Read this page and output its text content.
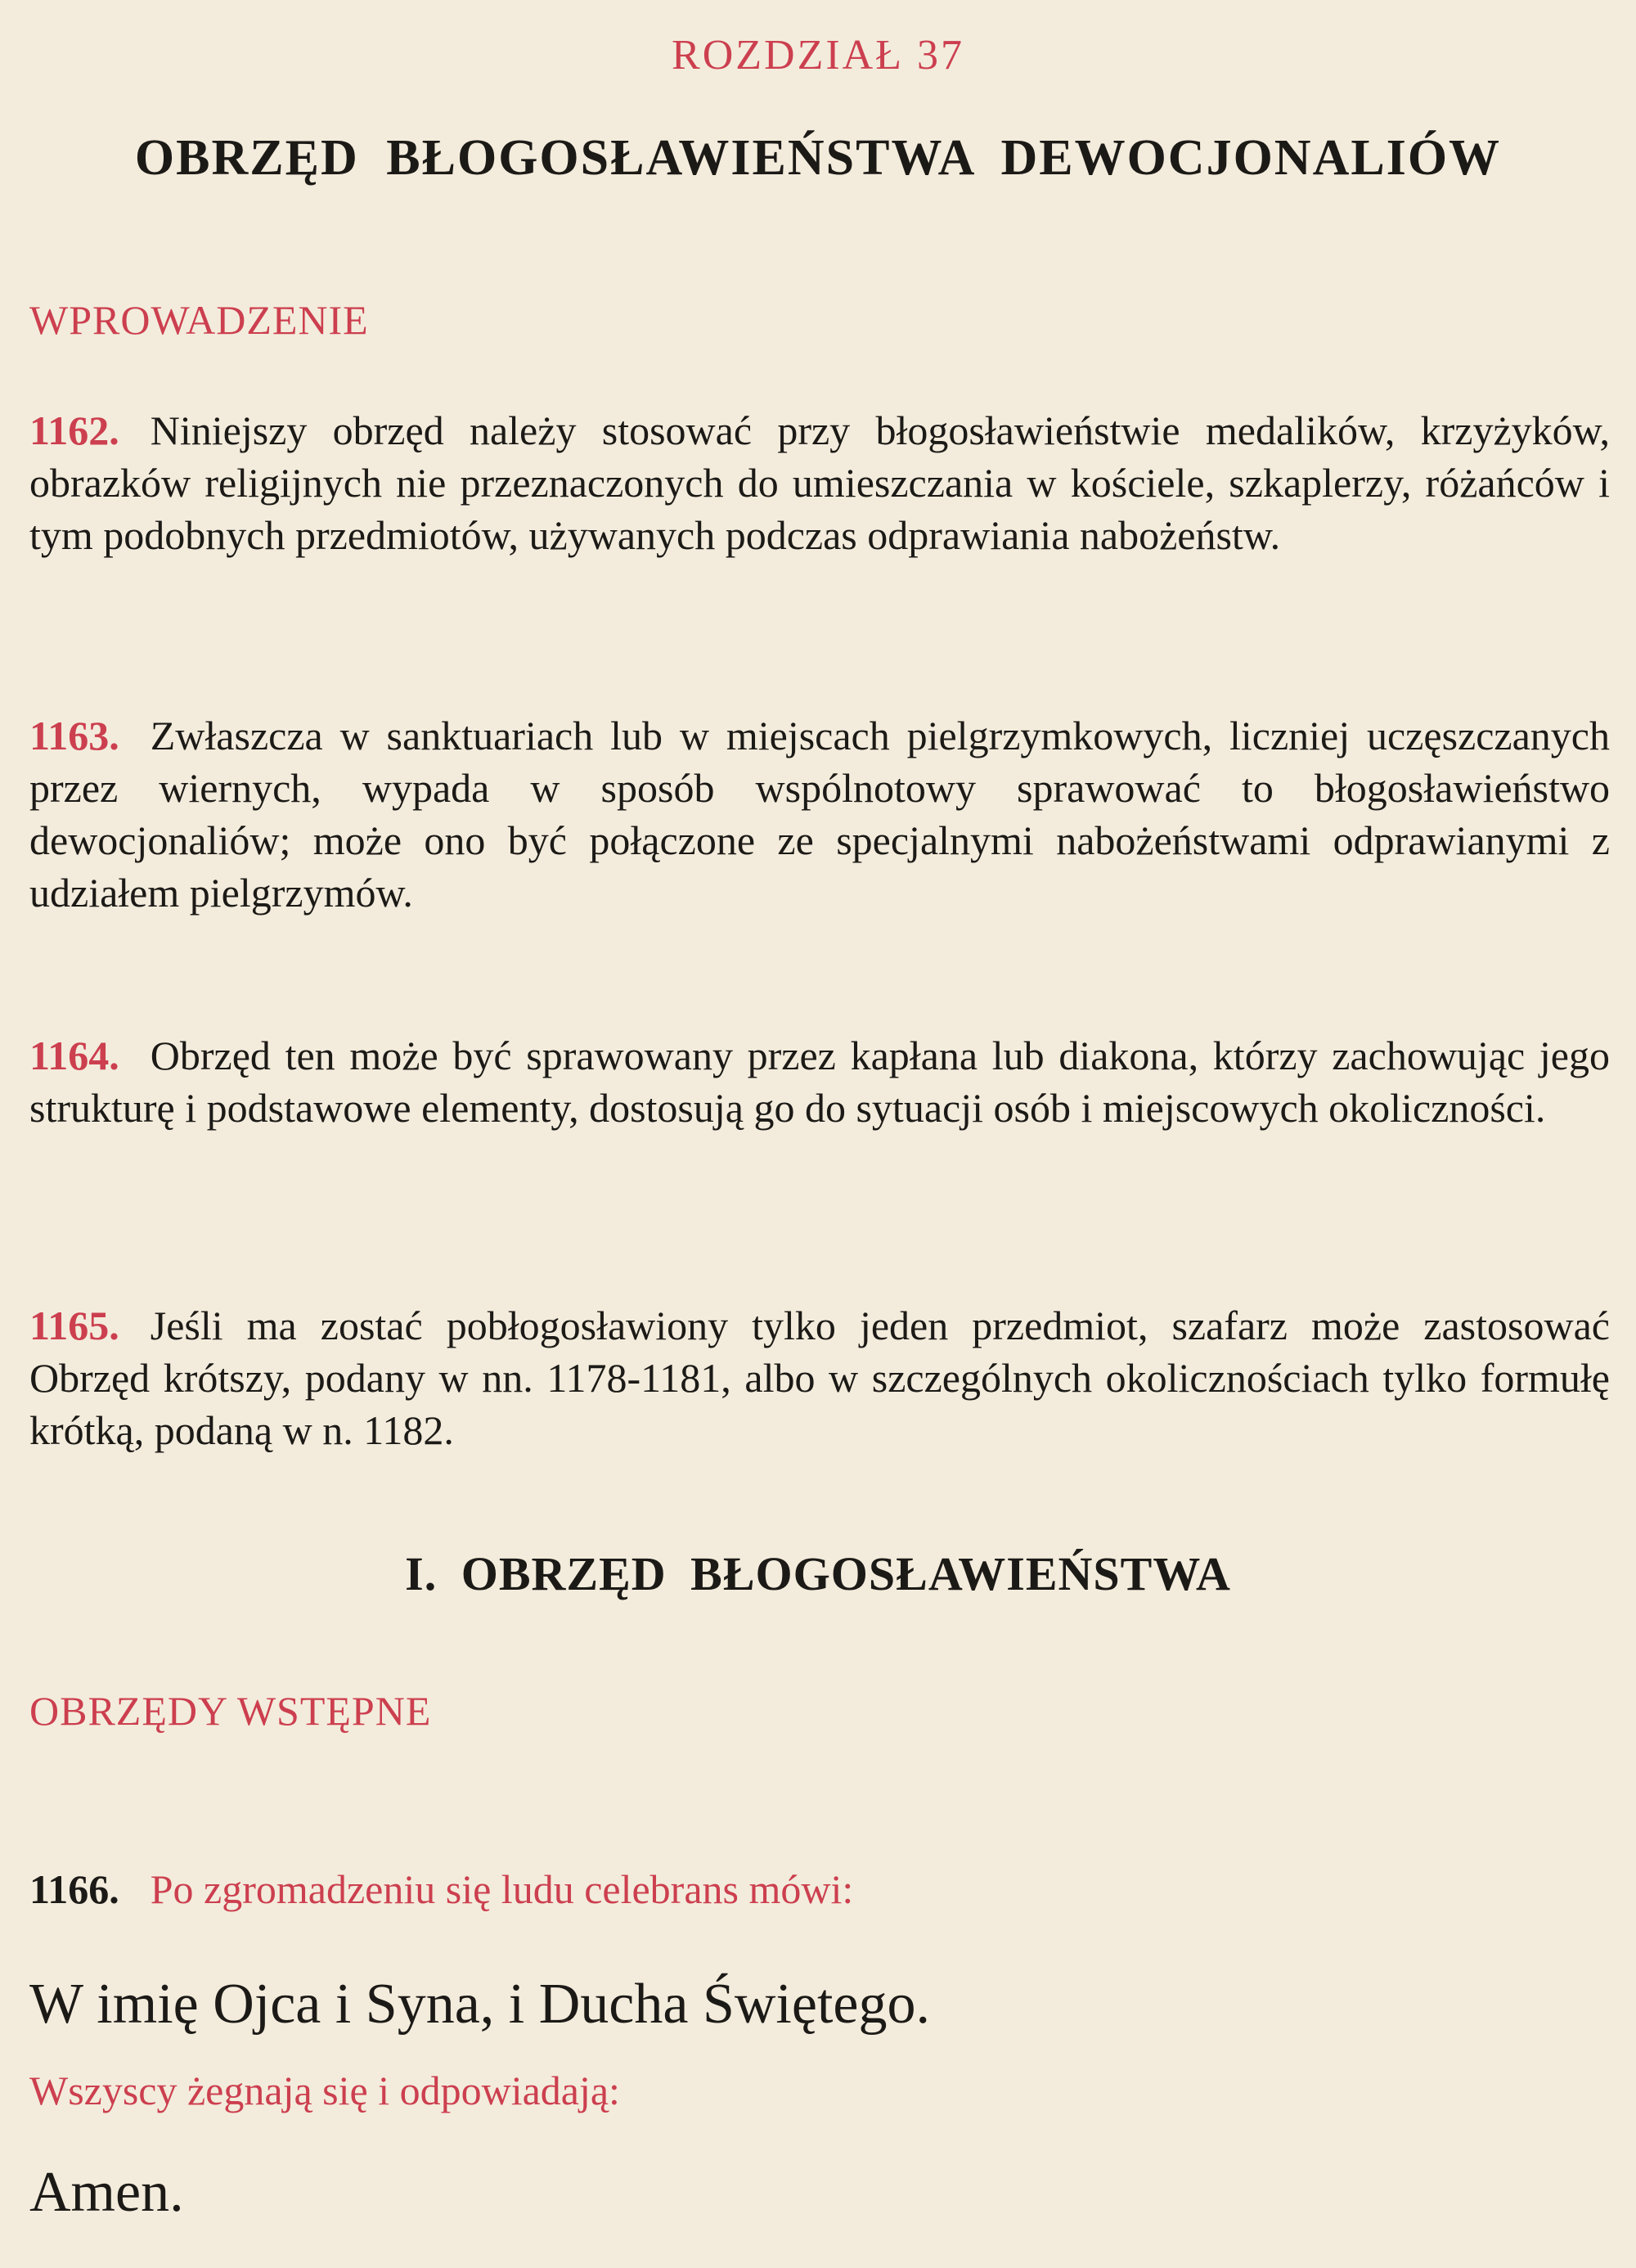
ROZDZIAŁ 37
OBRZĘD BŁOGOSŁAWIEŃSTWA DEWOCJONALIÓW
WPROWADZENIE
1162. Niniejszy obrzęd należy stosować przy błogosławieństwie medalików, krzyżyków, obrazków religijnych nie przeznaczonych do umieszczania w kościele, szkaplerzy, różańców i tym podobnych przedmiotów, używanych podczas odprawiania nabożeństw.
1163. Zwłaszcza w sanktuariach lub w miejscach pielgrzymkowych, liczniej uczęszczanych przez wiernych, wypada w sposób wspólnotowy sprawować to błogosławieństwo dewocjonaliów; może ono być połączone ze specjalnymi nabożeństwami odprawianymi z udziałem pielgrzymów.
1164. Obrzęd ten może być sprawowany przez kapłana lub diakona, którzy zachowując jego strukturę i podstawowe elementy, dostosują go do sytuacji osób i miejscowych okoliczności.
1165. Jeśli ma zostać pobłogosławiony tylko jeden przedmiot, szafarz może zastosować Obrzęd krótszy, podany w nn. 1178-1181, albo w szczególnych okolicznościach tylko formułę krótką, podaną w n. 1182.
I. OBRZĘD BŁOGOSŁAWIEŃSTWA
OBRZĘDY WSTĘPNE
1166. Po zgromadzeniu się ludu celebrans mówi:
W imię Ojca i Syna, i Ducha Świętego.
Wszyscy żegnają się i odpowiadają:
Amen.
